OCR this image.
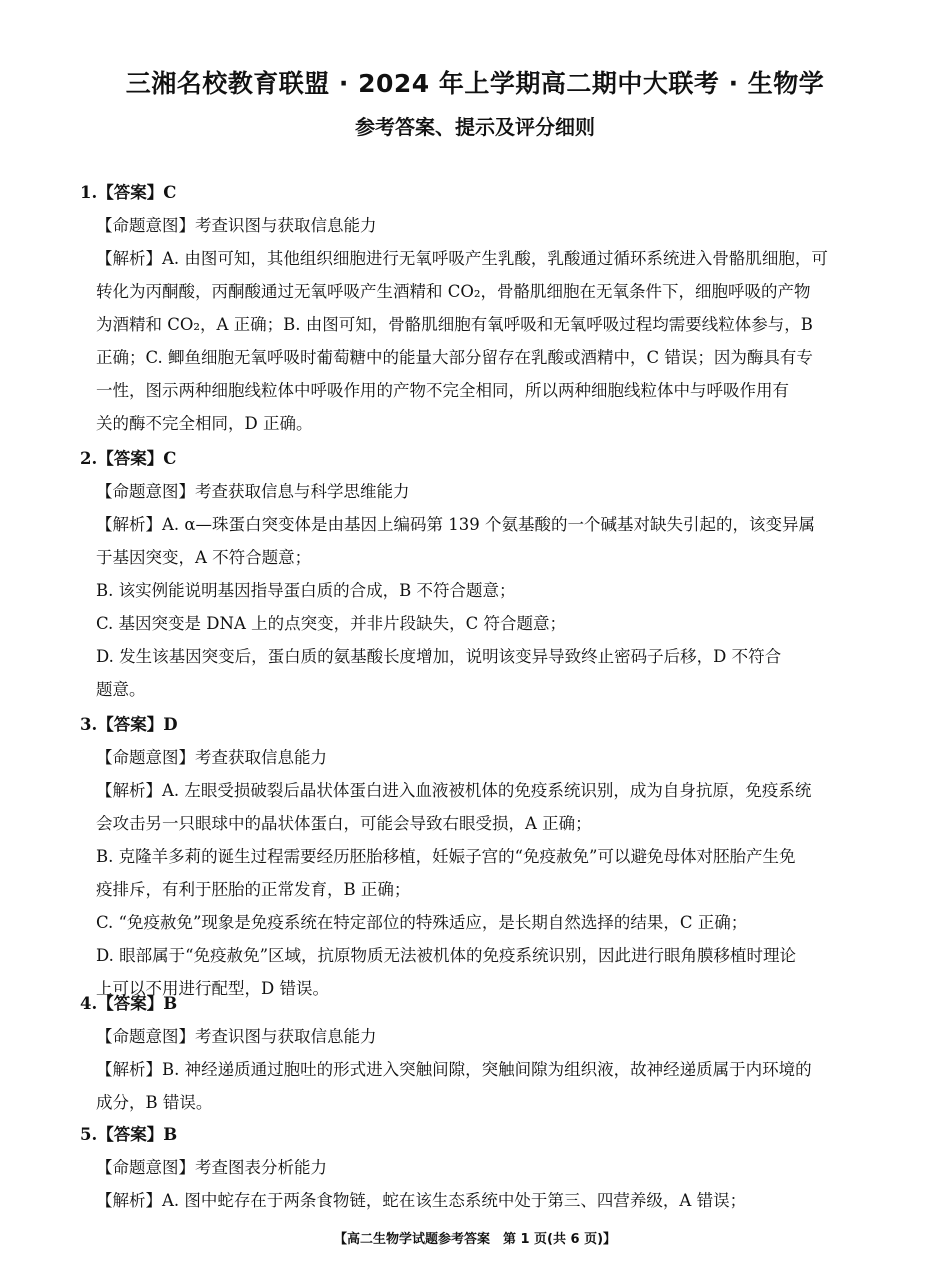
三湘名校教育联盟 · 2024 年上学期高二期中大联考 · 生物学
参考答案、提示及评分细则
1.【答案】C
【命题意图】考查识图与获取信息能力
【解析】A. 由图可知，其他组织细胞进行无氧呼吸产生乳酸，乳酸通过循环系统进入骨骼肌细胞，可
转化为丙酮酸，丙酮酸通过无氧呼吸产生酒精和 CO₂，骨骼肌细胞在无氧条件下，细胞呼吸的产物
为酒精和 CO₂，A 正确；B. 由图可知，骨骼肌细胞有氧呼吸和无氧呼吸过程均需要线粒体参与，B
正确；C. 鲫鱼细胞无氧呼吸时葡萄糖中的能量大部分留存在乳酸或酒精中，C 错误；因为酶具有专
一性，图示两种细胞线粒体中呼吸作用的产物不完全相同，所以两种细胞线粒体中与呼吸作用有
关的酶不完全相同，D 正确。
2.【答案】C
【命题意图】考查获取信息与科学思维能力
【解析】A. α—珠蛋白突变体是由基因上编码第 139 个氨基酸的一个碱基对缺失引起的，该变异属
于基因突变，A 不符合题意；
B. 该实例能说明基因指导蛋白质的合成，B 不符合题意；
C. 基因突变是 DNA 上的点突变，并非片段缺失，C 符合题意；
D. 发生该基因突变后，蛋白质的氨基酸长度增加，说明该变异导致终止密码子后移，D 不符合
题意。
3.【答案】D
【命题意图】考查获取信息能力
【解析】A. 左眼受损破裂后晶状体蛋白进入血液被机体的免疫系统识别，成为自身抗原，免疫系统
会攻击另一只眼球中的晶状体蛋白，可能会导致右眼受损，A 正确；
B. 克隆羊多莉的诞生过程需要经历胚胎移植，妊娠子宫的“免疫赦免”可以避免母体对胚胎产生免
疫排斥，有利于胚胎的正常发育，B 正确；
C. “免疫赦免”现象是免疫系统在特定部位的特殊适应，是长期自然选择的结果，C 正确；
D. 眼部属于“免疫赦免”区域，抗原物质无法被机体的免疫系统识别，因此进行眼角膜移植时理论
上可以不用进行配型，D 错误。
4.【答案】B
【命题意图】考查识图与获取信息能力
【解析】B. 神经递质通过胞吐的形式进入突触间隙，突触间隙为组织液，故神经递质属于内环境的
成分，B 错误。
5.【答案】B
【命题意图】考查图表分析能力
【解析】A. 图中蛇存在于两条食物链，蛇在该生态系统中处于第三、四营养级，A 错误；
【高二生物学试题参考答案　第 1 页(共 6 页)】
